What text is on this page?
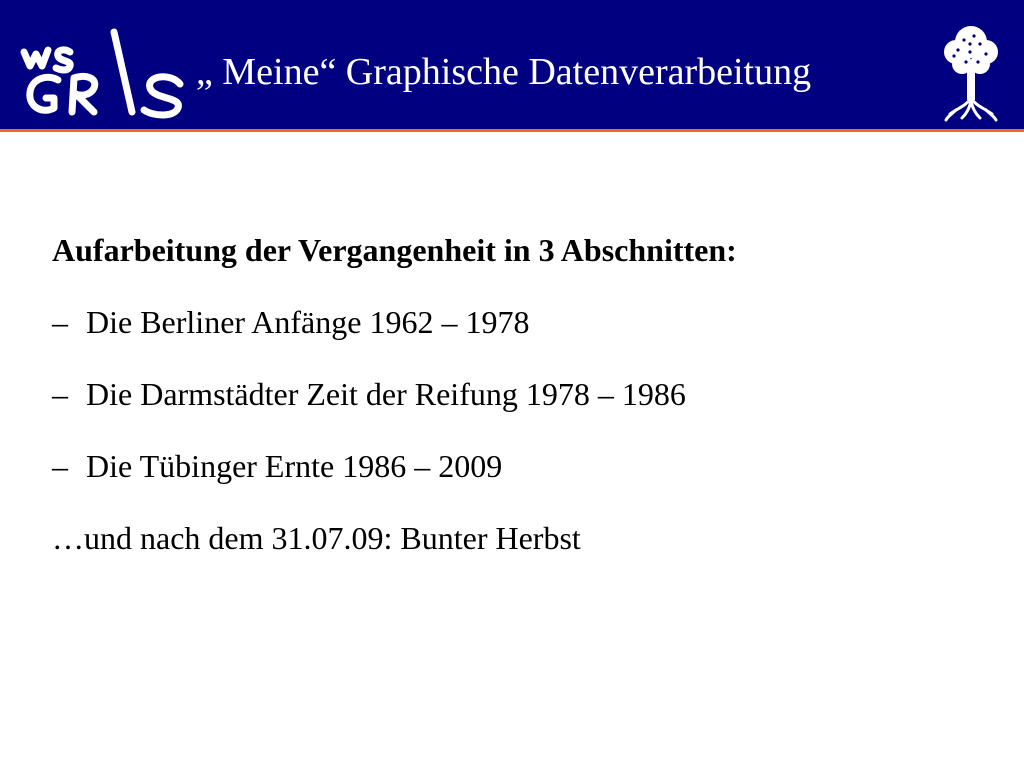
„ Meine“ Graphische Datenverarbeitung

Aufarbeitung der Vergangenheit in 3 Abschnitten:

– Die Berliner Anfänge 1962 – 1978
– Die Darmstädter Zeit der Reifung 1978 – 1986
– Die Tübinger Ernte 1986 – 2009

…und nach dem 31.07.09: Bunter Herbst
